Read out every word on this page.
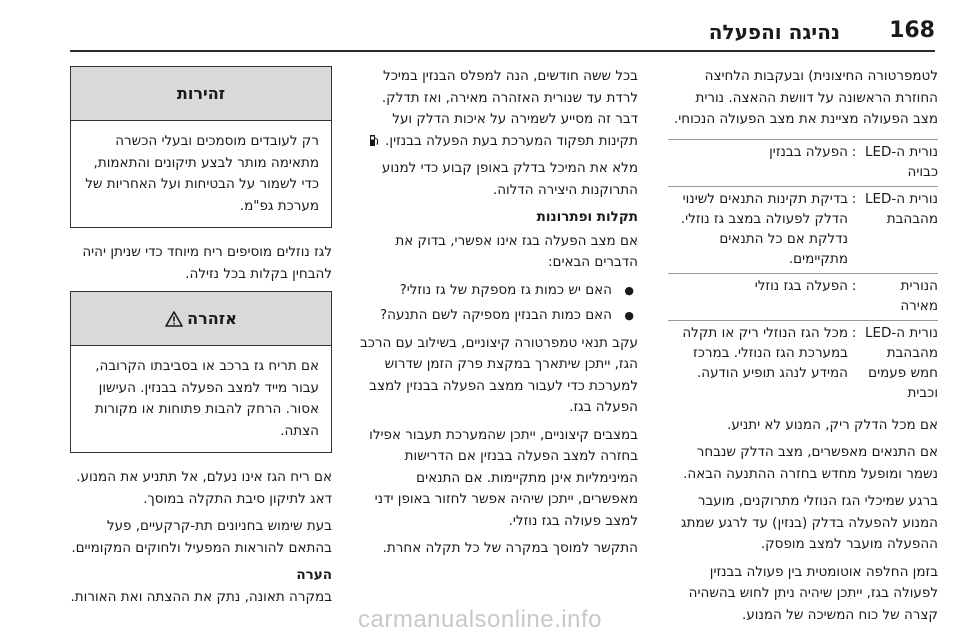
168
נהיגה והפעלה

לטמפרטורה החיצונית) ובעקבות הלחיצה החוזרת הראשונה על דוושת ההאצה. נורית מצב הפעולה מציינת את מצב הפעולה הנכוחי.

נורית ה-LED
כבויה	:	הפעלה בבנזין
נורית ה-LED
מהבהבת	:	בדיקת תקינות התנאים לשינוי הדלק לפעולה במצב גז נוזלי. נדלקת אם כל התנאים מתקיימים.
הנורית מאירה	:	הפעלה בגז נוזלי
נורית ה-LED
מהבהבת חמש פעמים וכבית	:	מכל הגז הנוזלי ריק או תקלה במערכת הגז הנוזלי. במרכז המידע לנהג תופיע הודעה.

אם מכל הדלק ריק, המנוע לא יתניע.

אם התנאים מאפשרים, מצב הדלק שנבחר נשמר ומופעל מחדש בחזרה ההתנעה הבאה.

ברגע שמיכלי הגז הנוזלי מתרוקנים, מועבר המנוע להפעלה בדלק (בנזין) עד לרגע שמתג ההפעלה מועבר למצב מופסק.

בזמן החלפה אוטומטית בין פעולה בבנזין לפעולה בגז, ייתכן שיהיה ניתן לחוש בהשהיה קצרה של כוח המשיכה של המנוע.

בכל ששה חודשים, הנה למפלס הבנזין במיכל לרדת עד שנורית האזהרה מאירה, ואז תדלק. דבר זה מסייע לשמירה על איכות הדלק ועל תקינות תפקוד המערכת בעת הפעלה בבנזין.

מלא את המיכל בדלק באופן קבוע כדי למנוע התרוקנות היצירה הדלוה.

תקלות ופתרונות

אם מצב הפעלה בגז אינו אפשרי, בדוק את הדברים הבאים:

● האם יש כמות גז מספקת של גז נוזלי?
● האם כמות הבנזין מספיקה לשם התנעה?

עקב תנאי טמפרטורה קיצוניים, בשילוב עם הרכב הגז, ייתכן שיתארך במקצת פרק הזמן שדרוש למערכת כדי לעבור ממצב הפעלה בבנזין למצב הפעלה בגז.

במצבים קיצוניים, ייתכן שהמערכת תעבור אפילו בחזרה למצב הפעלה בבנזין אם הדרישות המינימליות אינן מתקיימות. אם התנאים מאפשרים, ייתכן שיהיה אפשר לחזור באופן ידני למצב פעולה בגז נוזלי.

התקשר למוסך במקרה של כל תקלה אחרת.

זהירות
רק לעובדים מוסמכים ובעלי הכשרה מתאימה מותר לבצע תיקונים והתאמות, כדי לשמור על הבטיחות ועל האחריות של מערכת גפ"מ.

לגז נוזלים מוסיפים ריח מיוחד כדי שניתן יהיה להבחין בקלות בכל נזילה.

אזהרה
אם תריח גז ברכב או בסביבתו הקרובה, עבור מייד למצב הפעלה בבנזין. העישון אסור. הרחק להבות פתוחות או מקורות הצתה.

אם ריח הגז אינו נעלם, אל תתניע את המנוע. דאג לתיקון סיבת התקלה במוסך.

בעת שימוש בחניונים תת-קרקעיים, פעל בהתאם להוראות המפעיל ולחוקים המקומיים.

הערה

במקרה תאונה, נתק את ההצתה ואת האורות.

carmanualsonline.info
